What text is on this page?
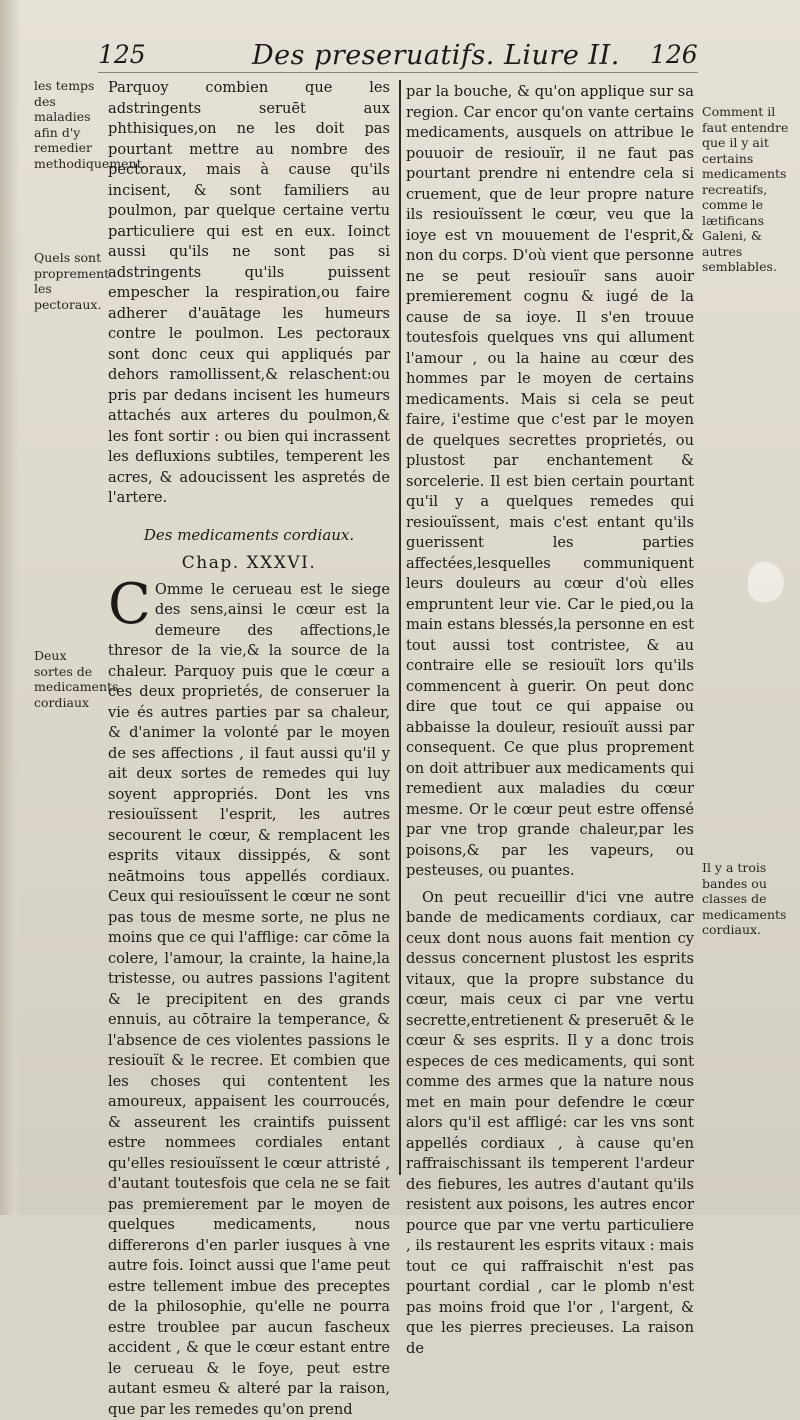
125	Des preseruatifs. Liure II. 126
les temps des maladies afin d'y remedier methodiquement.
Quels sont proprement les pectoraux.
Deux sortes de medicaments cordiaux

Parquoy combien que les adstringents seruēt aux phthisiques,on ne les doit pas pourtant mettre au nombre des pectoraux, mais à cause qu'ils incisent, & sont familiers au poulmon, par quelque certaine vertu particuliere qui est en eux. Ioinct aussi qu'ils ne sont pas si adstringents qu'ils puissent empescher la respiration,ou faire adherer d'auātage les humeurs contre le poulmon. Les pectoraux sont donc ceux qui appliqués par dehors ramollissent,& relaschent:ou pris par dedans incisent les humeurs attachés aux arteres du poulmon,& les font sortir : ou bien qui incrassent les defluxions subtiles, temperent les acres, & adoucissent les aspretés de l'artere.

Des medicaments cordiaux.
Chap. XXXVI.

C Omme le cerueau est le siege des sens,ainsi le cœur est la demeure des affections,le thresor de la vie,& la source de la chaleur. Parquoy puis que le cœur a ces deux proprietés, de conseruer la vie és autres parties par sa chaleur, & d'animer la volonté par le moyen de ses affections , il faut aussi qu'il y ait deux sortes de remedes qui luy soyent appropriés. Dont les vns resiouïssent l'esprit, les autres secourent le cœur, & remplacent les esprits vitaux dissippés, & sont neātmoins tous appellés cordiaux. Ceux qui resiouïssent le cœur ne sont pas tous de mesme sorte, ne plus ne moins que ce qui l'afflige: car cōme la colere, l'amour, la crainte, la haine,la tristesse, ou autres passions l'agitent & le precipitent en des grands ennuis, au cōtraire la temperance, & l'absence de ces violentes passions le resiouït & le recree. Et combien que les choses qui contentent les amoureux, appaisent les courroucés, & asseurent les craintifs puissent estre nommees cordiales entant qu'elles resiouïssent le cœur attristé , d'autant toutesfois que cela ne se fait pas premierement par le moyen de quelques medicaments, nous differerons d'en parler iusques à vne autre fois. Ioinct aussi que l'ame peut estre tellement imbue des preceptes de la philosophie, qu'elle ne pourra estre troublee par aucun fascheux accident , & que le cœur estant entre le cerueau & le foye, peut estre autant esmeu & alteré par la raison, que par les remedes qu'on prend

par la bouche, & qu'on applique sur sa region. Car encor qu'on vante certains medicaments, ausquels on attribue le pouuoir de resiouïr, il ne faut pas pourtant prendre ni entendre cela si cruement, que de leur propre nature ils resiouïssent le cœur, veu que la ioye est vn mouuement de l'esprit,& non du corps. D'où vient que personne ne se peut resiouïr sans auoir premierement cognu & iugé de la cause de sa ioye. Il s'en trouue toutesfois quelques vns qui allument l'amour , ou la haine au cœur des hommes par le moyen de certains medicaments. Mais si cela se peut faire, i'estime que c'est par le moyen de quelques secrettes proprietés, ou plustost par enchantement & sorcelerie. Il est bien certain pourtant qu'il y a quelques remedes qui resiouïssent, mais c'est entant qu'ils guerissent les parties affectées,lesquelles communiquent leurs douleurs au cœur d'où elles empruntent leur vie. Car le pied,ou la main estans blessés,la personne en est tout aussi tost contristee, & au contraire elle se resiouït lors qu'ils commencent à guerir. On peut donc dire que tout ce qui appaise ou abbaisse la douleur, resiouït aussi par consequent. Ce que plus proprement on doit attribuer aux medicaments qui remedient aux maladies du cœur mesme. Or le cœur peut estre offensé par vne trop grande chaleur,par les poisons,& par les vapeurs, ou pesteuses, ou puantes.

On peut recueillir d'ici vne autre bande de medicaments cordiaux, car ceux dont nous auons fait mention cy dessus concernent plustost les esprits vitaux, que la propre substance du cœur, mais ceux ci par vne vertu secrette,entretienent & preseruēt & le cœur & ses esprits. Il y a donc trois especes de ces medicaments, qui sont comme des armes que la nature nous met en main pour defendre le cœur alors qu'il est affligé: car les vns sont appellés cordiaux , à cause qu'en raffraischissant ils temperent l'ardeur des fiebures, les autres d'autant qu'ils resistent aux poisons, les autres encor pource que par vne vertu particuliere , ils restaurent les esprits vitaux : mais tout ce qui raffraischit n'est pas pourtant cordial , car le plomb n'est pas moins froid que l'or , l'argent, & que les pierres precieuses. La raison de

Comment il faut entendre que il y ait certains medicaments recreatifs, comme le lætificans Galeni, & autres semblables.
Il y a trois bandes ou classes de medicaments cordiaux.
